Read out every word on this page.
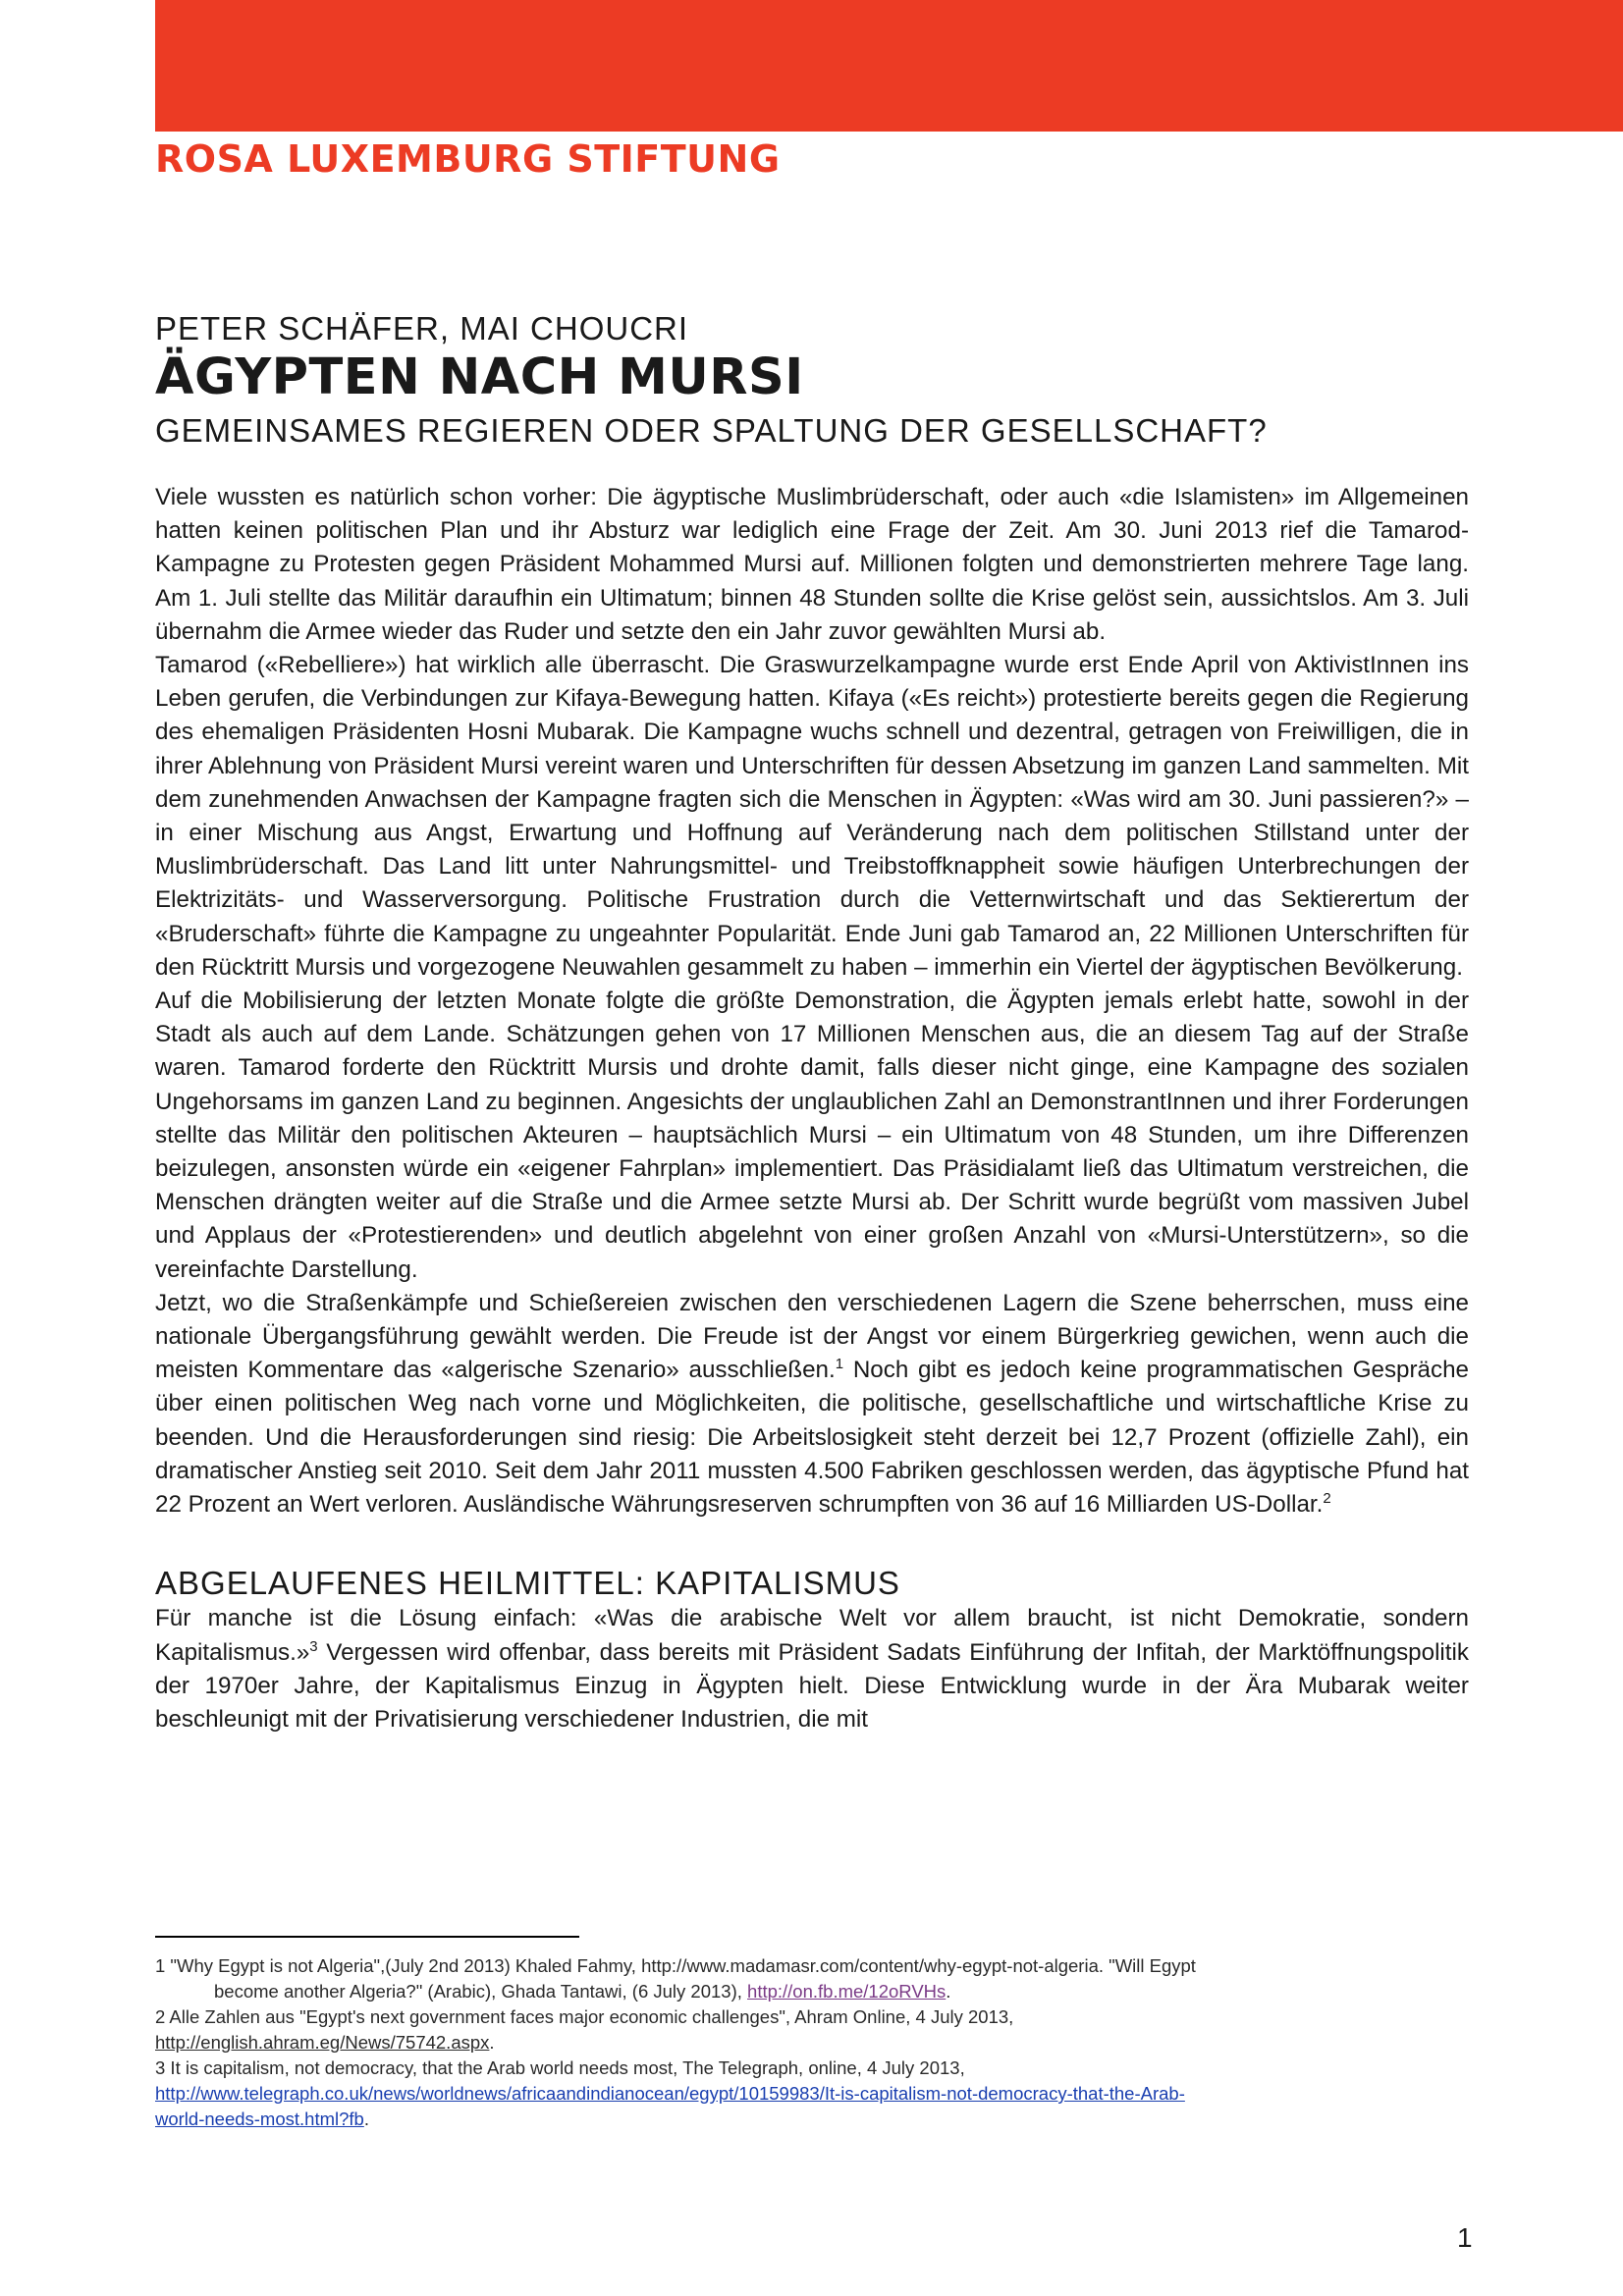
ROSA LUXEMBURG STIFTUNG
PETER SCHÄFER, MAI CHOUCRI
ÄGYPTEN NACH MURSI
GEMEINSAMES REGIEREN ODER SPALTUNG DER GESELLSCHAFT?

Viele wussten es natürlich schon vorher: Die ägyptische Muslimbrüderschaft, oder auch «die Islamisten» im Allgemeinen hatten keinen politischen Plan und ihr Absturz war lediglich eine Frage der Zeit. Am 30. Juni 2013 rief die Tamarod-Kampagne zu Protesten gegen Präsident Mohammed Mursi auf. Millionen folgten und demonstrierten mehrere Tage lang. Am 1. Juli stellte das Militär daraufhin ein Ultimatum; binnen 48 Stunden sollte die Krise gelöst sein, aussichtslos. Am 3. Juli übernahm die Armee wieder das Ruder und setzte den ein Jahr zuvor gewählten Mursi ab.

Tamarod («Rebelliere») hat wirklich alle überrascht. Die Graswurzelkampagne wurde erst Ende April von AktivistInnen ins Leben gerufen, die Verbindungen zur Kifaya-Bewegung hatten. Kifaya («Es reicht») protestierte bereits gegen die Regierung des ehemaligen Präsidenten Hosni Mubarak. Die Kampagne wuchs schnell und dezentral, getragen von Freiwilligen, die in ihrer Ablehnung von Präsident Mursi vereint waren und Unterschriften für dessen Absetzung im ganzen Land sammelten. Mit dem zunehmenden Anwachsen der Kampagne fragten sich die Menschen in Ägypten: «Was wird am 30. Juni passieren?» – in einer Mischung aus Angst, Erwartung und Hoffnung auf Veränderung nach dem politischen Stillstand unter der Muslimbrüderschaft. Das Land litt unter Nahrungsmittel- und Treibstoffknappheit sowie häufigen Unterbrechungen der Elektrizitäts- und Wasserversorgung. Politische Frustration durch die Vetternwirtschaft und das Sektierertum der «Bruderschaft» führte die Kampagne zu ungeahnter Popularität. Ende Juni gab Tamarod an, 22 Millionen Unterschriften für den Rücktritt Mursis und vorgezogene Neuwahlen gesammelt zu haben – immerhin ein Viertel der ägyptischen Bevölkerung.

Auf die Mobilisierung der letzten Monate folgte die größte Demonstration, die Ägypten jemals erlebt hatte, sowohl in der Stadt als auch auf dem Lande. Schätzungen gehen von 17 Millionen Menschen aus, die an diesem Tag auf der Straße waren. Tamarod forderte den Rücktritt Mursis und drohte damit, falls dieser nicht ginge, eine Kampagne des sozialen Ungehorsams im ganzen Land zu beginnen. Angesichts der unglaublichen Zahl an DemonstrantInnen und ihrer Forderungen stellte das Militär den politischen Akteuren – hauptsächlich Mursi – ein Ultimatum von 48 Stunden, um ihre Differenzen beizulegen, ansonsten würde ein «eigener Fahrplan» implementiert. Das Präsidialamt ließ das Ultimatum verstreichen, die Menschen drängten weiter auf die Straße und die Armee setzte Mursi ab. Der Schritt wurde begrüßt vom massiven Jubel und Applaus der «Protestierenden» und deutlich abgelehnt von einer großen Anzahl von «Mursi-Unterstützern», so die vereinfachte Darstellung.

Jetzt, wo die Straßenkämpfe und Schießereien zwischen den verschiedenen Lagern die Szene beherrschen, muss eine nationale Übergangsführung gewählt werden. Die Freude ist der Angst vor einem Bürgerkrieg gewichen, wenn auch die meisten Kommentare das «algerische Szenario» ausschließen.$^1$ Noch gibt es jedoch keine programmatischen Gespräche über einen politischen Weg nach vorne und Möglichkeiten, die politische, gesellschaftliche und wirtschaftliche Krise zu beenden. Und die Herausforderungen sind riesig: Die Arbeitslosigkeit steht derzeit bei 12,7 Prozent (offizielle Zahl), ein dramatischer Anstieg seit 2010. Seit dem Jahr 2011 mussten 4.500 Fabriken geschlossen werden, das ägyptische Pfund hat 22 Prozent an Wert verloren. Ausländische Währungsreserven schrumpften von 36 auf 16 Milliarden US-Dollar.$^2$

ABGELAUFENES HEILMITTEL: KAPITALISMUS

Für manche ist die Lösung einfach: «Was die arabische Welt vor allem braucht, ist nicht Demokratie, sondern Kapitalismus.»$^3$ Vergessen wird offenbar, dass bereits mit Präsident Sadats Einführung der Infitah, der Marktöffnungspolitik der 1970er Jahre, der Kapitalismus Einzug in Ägypten hielt. Diese Entwicklung wurde in der Ära Mubarak weiter beschleunigt mit der Privatisierung verschiedener Industrien, die mit

1 "Why Egypt is not Algeria",(July 2nd 2013) Khaled Fahmy, http://www.madamasr.com/content/why-egypt-not-algeria. "Will Egypt
become another Algeria?" (Arabic), Ghada Tantawi, (6 July 2013), http://on.fb.me/12oRVHs.
2 Alle Zahlen aus "Egypt's next government faces major economic challenges", Ahram Online, 4 July 2013,
http://english.ahram.eg/News/75742.aspx.
3 It is capitalism, not democracy, that the Arab world needs most, The Telegraph, online, 4 July 2013,
http://www.telegraph.co.uk/news/worldnews/africaandindianocean/egypt/10159983/It-is-capitalism-not-democracy-that-the-Arab-
world-needs-most.html?fb.
1
